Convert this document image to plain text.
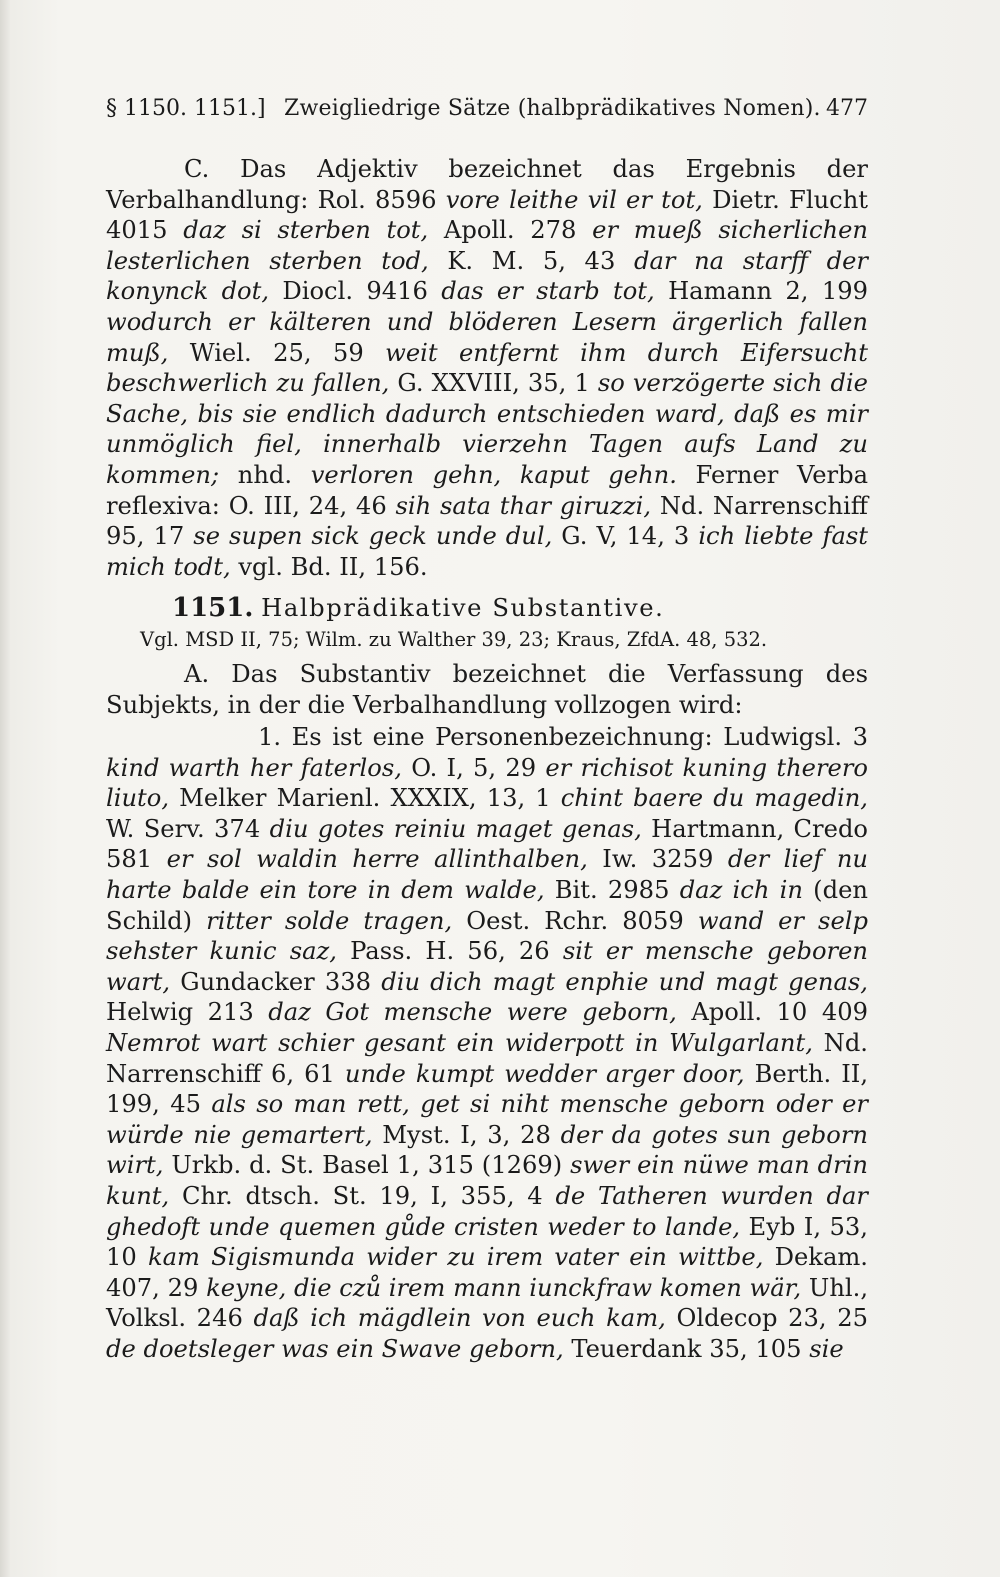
§ 1150. 1151.] Zweigliedrige Sätze (halbprädikatives Nomen). 477

C. Das Adjektiv bezeichnet das Ergebnis der Verbalhandlung: Rol. 8596 vore leithe vil er tot, Dietr. Flucht 4015 daz si sterben tot, Apoll. 278 er mueß sicherlichen lesterlichen sterben tod, K. M. 5, 43 dar na starff der konynck dot, Diocl. 9416 das er starb tot, Hamann 2, 199 wodurch er kälteren und blöderen Lesern ärgerlich fallen muß, Wiel. 25, 59 weit entfernt ihm durch Eifersucht beschwerlich zu fallen, G. XXVIII, 35, 1 so verzögerte sich die Sache, bis sie endlich dadurch entschieden ward, daß es mir unmöglich fiel, innerhalb vierzehn Tagen aufs Land zu kommen; nhd. verloren gehn, kaput gehn. Ferner Verba reflexiva: O. III, 24, 46 sih sata thar giruzzi, Nd. Narrenschiff 95, 17 se supen sick geck unde dul, G. V, 14, 3 ich liebte fast mich todt, vgl. Bd. II, 156.

1151. Halbprädikative Substantive.

Vgl. MSD II, 75; Wilm. zu Walther 39, 23; Kraus, ZfdA. 48, 532.

A. Das Substantiv bezeichnet die Verfassung des Subjekts, in der die Verbalhandlung vollzogen wird:

1. Es ist eine Personenbezeichnung: Ludwigsl. 3 kind warth her faterlos, O. I, 5, 29 er richisot kuning therero liuto, Melker Marienl. XXXIX, 13, 1 chint baere du magedin, W. Serv. 374 diu gotes reiniu maget genas, Hartmann, Credo 581 er sol waldin herre allinthalben, Iw. 3259 der lief nu harte balde ein tore in dem walde, Bit. 2985 daz ich in (den Schild) ritter solde tragen, Oest. Rchr. 8059 wand er selp sehster kunic saz, Pass. H. 56, 26 sit er mensche geboren wart, Gundacker 338 diu dich magt enphie und magt genas, Helwig 213 daz Got mensche were geborn, Apoll. 10 409 Nemrot wart schier gesant ein widerpott in Wulgarlant, Nd. Narrenschiff 6, 61 unde kumpt wedder arger door, Berth. II, 199, 45 als so man rett, get si niht mensche geborn oder er würde nie gemartert, Myst. I, 3, 28 der da gotes sun geborn wirt, Urkb. d. St. Basel 1, 315 (1269) swer ein nüwe man drin kunt, Chr. dtsch. St. 19, I, 355, 4 de Tatheren wurden dar ghedoft unde quemen gůde cristen weder to lande, Eyb I, 53, 10 kam Sigismunda wider zu irem vater ein wittbe, Dekam. 407, 29 keyne, die czů irem mann iunckfraw komen wär, Uhl., Volksl. 246 daß ich mägdlein von euch kam, Oldecop 23, 25 de doetsleger was ein Swave geborn, Teuerdank 35, 105 sie
